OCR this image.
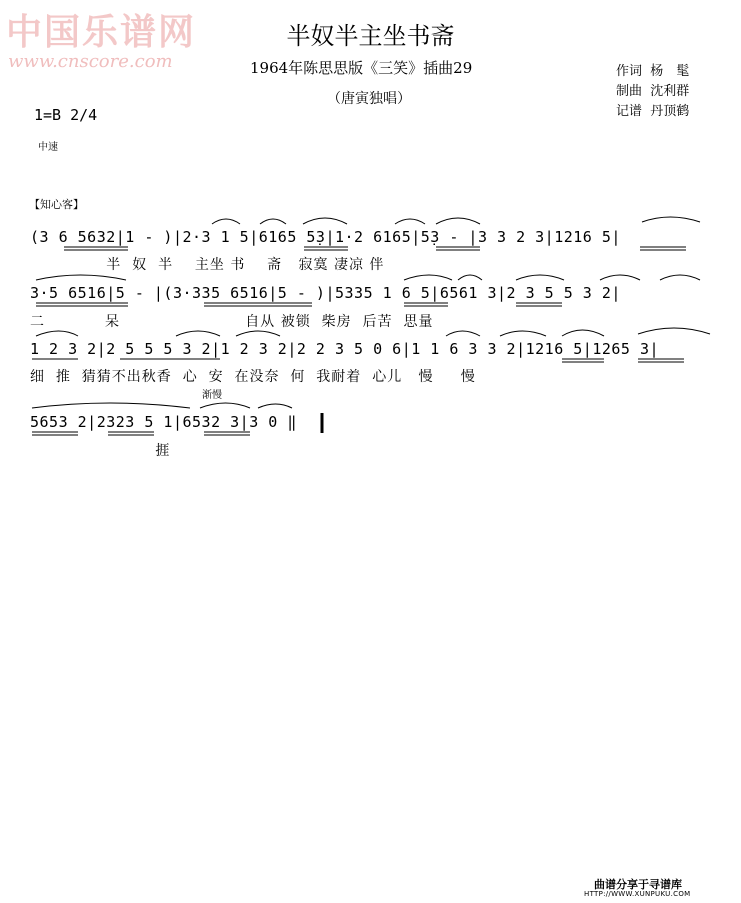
中国乐谱网
www.cnscore.com
半奴半主坐书斋
1964年陈思思版《三笑》插曲29
（唐寅独唱）
作词 杨　髦
制曲 沈利群
记谱 丹顶鹤
1=B 2/4
中速
【知心客】
(3 6 5632|1 - )|2·3 1 5|6165 5̣3|1·2 6165|5̣3 - |3 3 2 3|1216 5|
半  奴  半    主坐 书    斋   寂寞 凄凉 伴
3·5 6516|5 - |(3·335 6516|5 - )|5335 1 6 5|6561 3|2 3 5 5 3 2|
二           呆                       自从 被锁  柴房  后苦  思量
1 2 3 2|2 5 5 5 3 2|1 2 3 2|2 2 3 5 0 6|1 1 6 3 3 2|1216 5|1265 3|
细  推  猜猜不出秋香  心  安  在没奈  何  我耐着  心儿   慢     慢
渐慢
5653 2|2323 5 1|6532 3|3 0 ‖
捱
曲谱分享于寻谱库
HTTP://WWW.XUNPUKU.COM
